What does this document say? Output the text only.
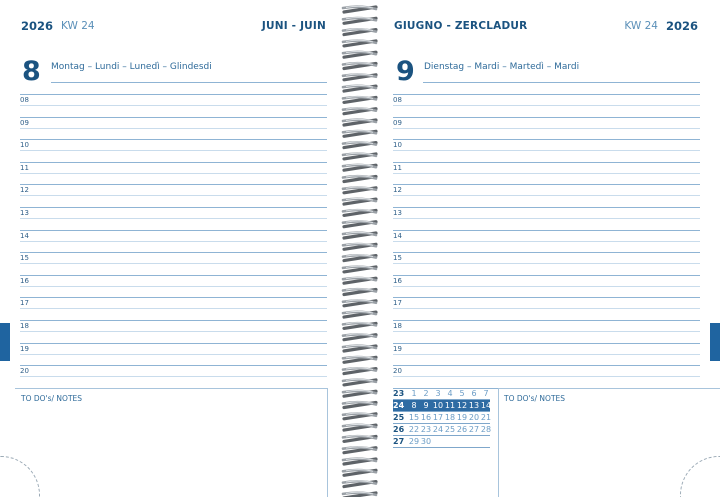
2026 KW 24	JUNI - JUIN
8 Montag – Lundi – Lunedì – Glindesdi
08
09
10
11
12
13
14
15
16
17
18
19
20
TO DO's/ NOTES
GIUGNO - ZERCLADUR	KW 24 2026
9 Dienstag – Mardi – Martedì – Mardi
08
09
10
11
12
13
14
15
16
17
18
19
20
23 1 2 3 4 5 6 7
24 8 9 10 11 12 13 14
25 15 16 17 18 19 20 21
26 22 23 24 25 26 27 28
27 29 30
TO DO's/ NOTES
